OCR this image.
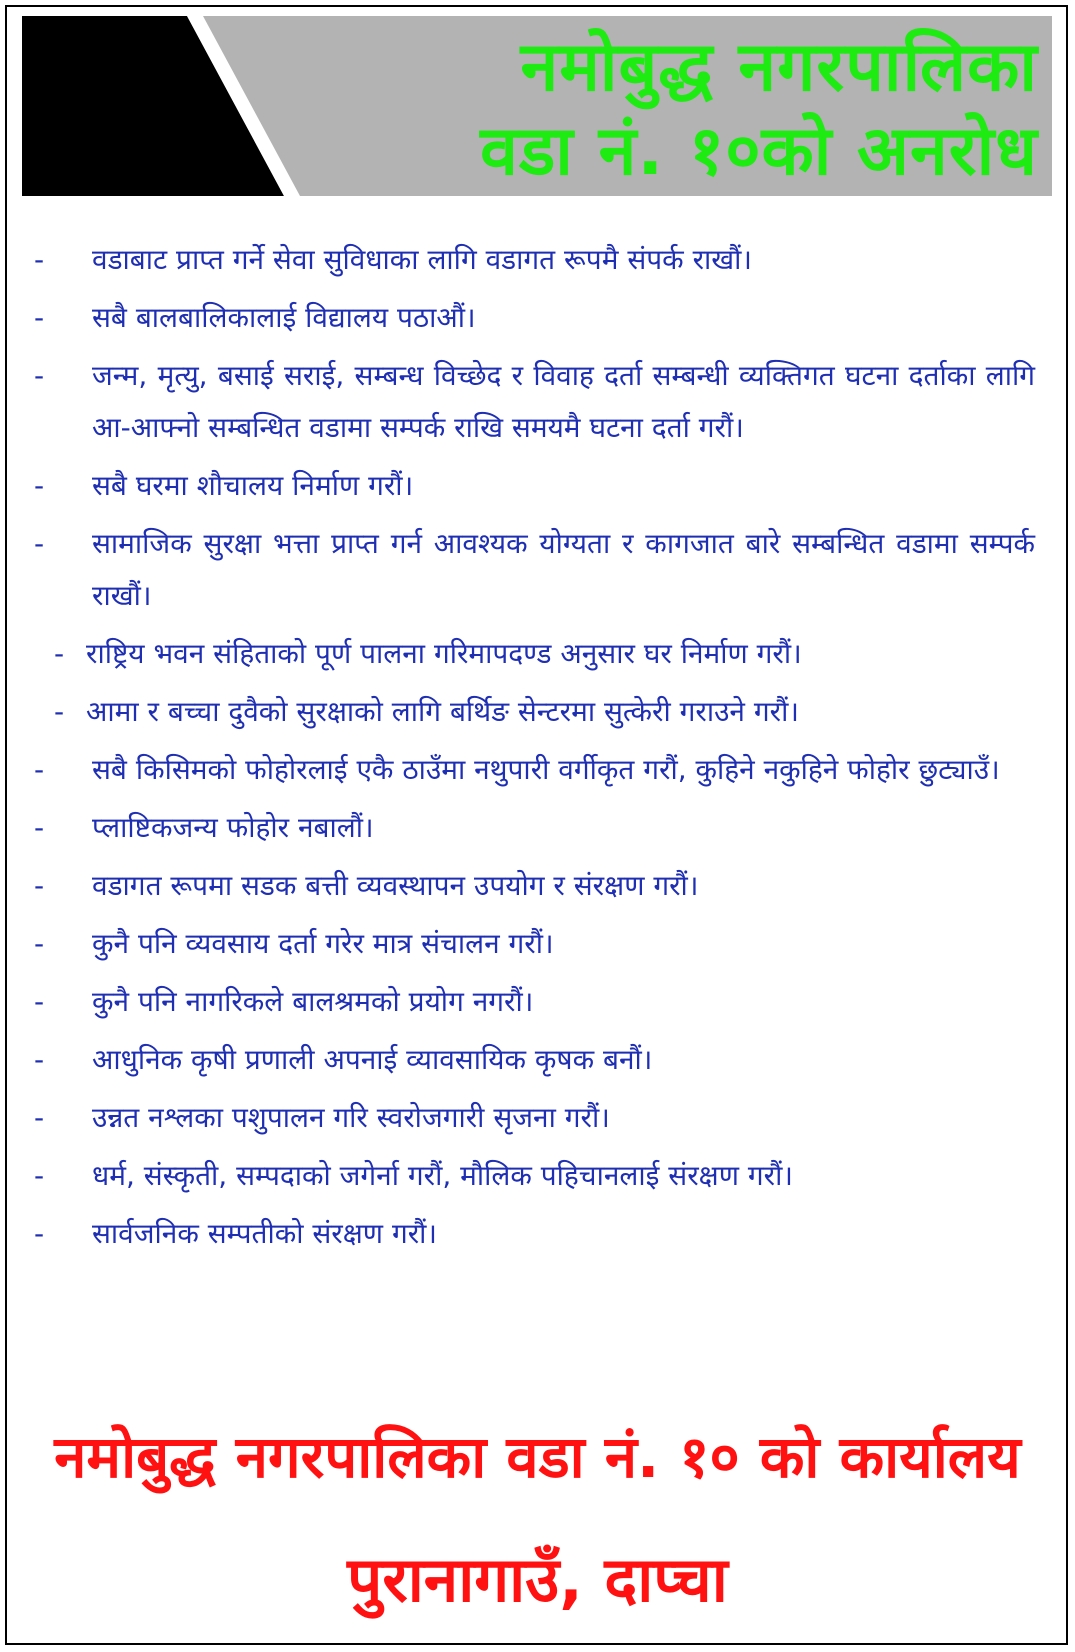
नमोबुद्ध नगरपालिका
वडा नं. १०को अनरोध
- वडाबाट प्राप्त गर्ने सेवा सुविधाका लागि वडागत रूपमै संपर्क राखौं।
- सबै बालबालिकालाई विद्यालय पठाऔं।
- जन्म, मृत्यु, बसाई सराई, सम्बन्ध विच्छेद र विवाह दर्ता सम्बन्धी व्यक्तिगत घटना दर्ताका लागि आ-आफ्नो सम्बन्धित वडामा सम्पर्क राखि समयमै घटना दर्ता गरौं।
- सबै घरमा शौचालय निर्माण गरौं।
- सामाजिक सुरक्षा भत्ता प्राप्त गर्न आवश्यक योग्यता र कागजात बारे सम्बन्धित वडामा सम्पर्क राखौं।
- राष्ट्रिय भवन संहिताको पूर्ण पालना गरिमापदण्ड अनुसार घर निर्माण गरौं।
- आमा र बच्चा दुवैको सुरक्षाको लागि बर्थिङ सेन्टरमा सुत्केरी गराउने गरौं।
- सबै किसिमको फोहोरलाई एकै ठाउँमा नथुपारी वर्गीकृत गरौं, कुहिने नकुहिने फोहोर छुट्याउँ।
- प्लाष्टिकजन्य फोहोर नबालौं।
- वडागत रूपमा सडक बत्ती व्यवस्थापन उपयोग र संरक्षण गरौं।
- कुनै पनि व्यवसाय दर्ता गरेर मात्र संचालन गरौं।
- कुनै पनि नागरिकले बालश्रमको प्रयोग नगरौं।
- आधुनिक कृषी प्रणाली अपनाई व्यावसायिक कृषक बनौं।
- उन्नत नश्लका पशुपालन गरि स्वरोजगारी सृजना गरौं।
- धर्म, संस्कृती, सम्पदाको जगेर्ना गरौं, मौलिक पहिचानलाई संरक्षण गरौं।
- सार्वजनिक सम्पतीको संरक्षण गरौं।
नमोबुद्ध नगरपालिका वडा नं. १० को कार्यालय
पुरानागाउँ, दाप्चा
